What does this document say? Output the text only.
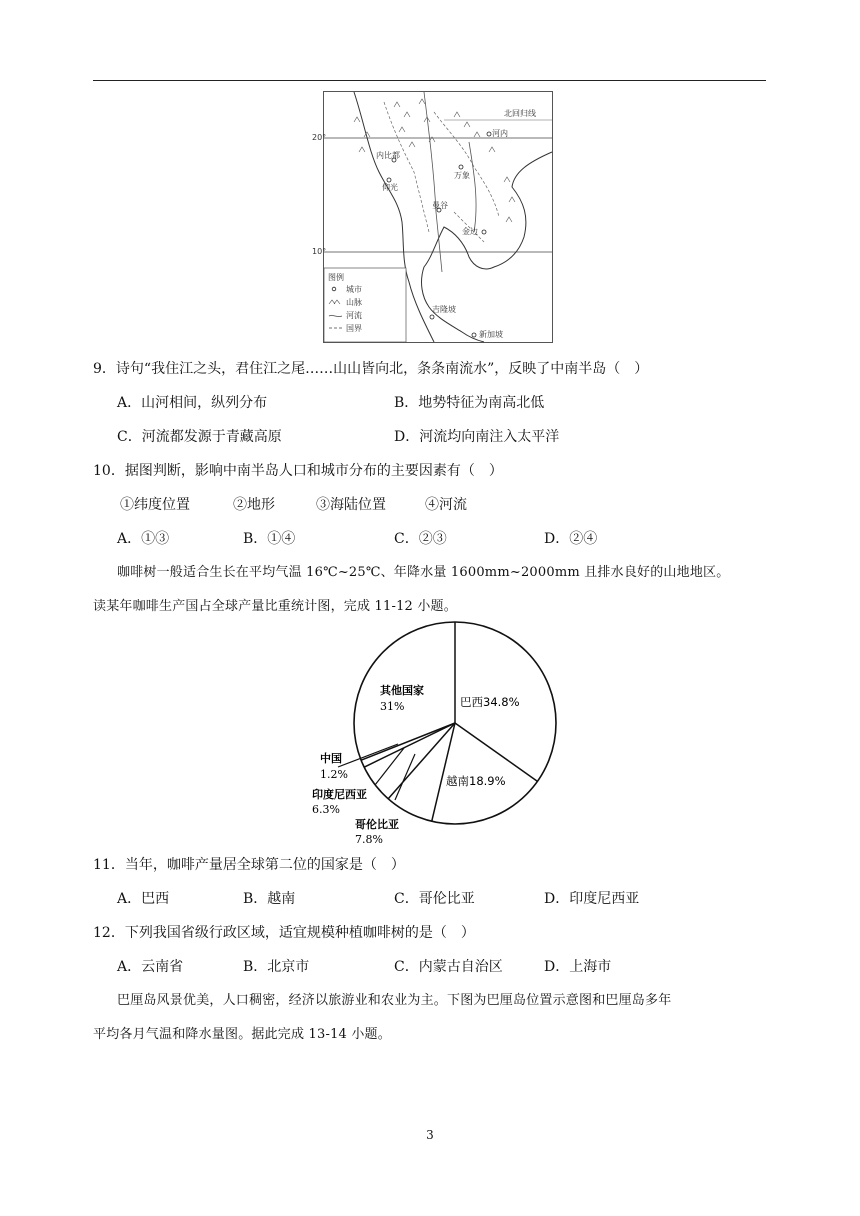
20°
10°
北回归线
内比都
仰光
万象
河内
曼谷
金边
吉隆坡
新加坡
图例
城市
山脉
河流
国界
9．诗句“我住江之头，君住江之尾……山山皆向北，条条南流水”，反映了中南半岛（　）
A．山河相间，纵列分布	B．地势特征为南高北低
C．河流都发源于青藏高原	D．河流均向南注入太平洋
10．据图判断，影响中南半岛人口和城市分布的主要因素有（　）
①纬度位置	②地形	③海陆位置	④河流
A．①③	B．①④	C．②③	D．②④
咖啡树一般适合生长在平均气温 16℃~25℃、年降水量 1600mm~2000mm 且排水良好的山地地区。
读某年咖啡生产国占全球产量比重统计图，完成 11-12 小题。
中国
1.2%
印度尼西亚
6.3%
哥伦比亚
7.8%
其他国家
31%	巴西34.8%
越南18.9%
11．当年，咖啡产量居全球第二位的国家是（　）
A．巴西	B．越南	C．哥伦比亚	D．印度尼西亚
12．下列我国省级行政区域，适宜规模种植咖啡树的是（　）
A．云南省	B．北京市	C．内蒙古自治区	D．上海市
巴厘岛风景优美，人口稠密，经济以旅游业和农业为主。下图为巴厘岛位置示意图和巴厘岛多年
平均各月气温和降水量图。据此完成 13-14 小题。
3
